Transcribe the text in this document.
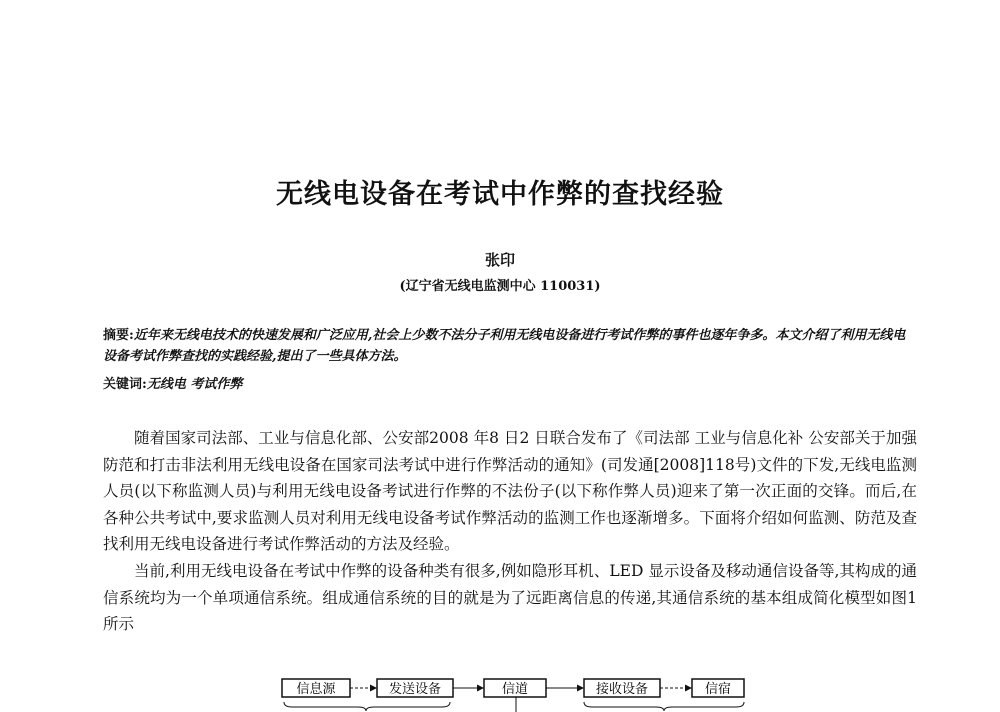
无线电设备在考试中作弊的查找经验
张印
(辽宁省无线电监测中心 110031)
摘要:近年来无线电技术的快速发展和广泛应用,社会上少数不法分子利用无线电设备进行考试作弊的事件也逐年争多。本文介绍了利用无线电设备考试作弊查找的实践经验,提出了一些具体方法。
关键词:无线电 考试作弊

随着国家司法部、工业与信息化部、公安部2008 年8 日2 日联合发布了《司法部 工业与信息化补 公安部关于加强防范和打击非法利用无线电设备在国家司法考试中进行作弊活动的通知》(司发通[2008]118号)文件的下发,无线电监测人员(以下称监测人员)与利用无线电设备考试进行作弊的不法份子(以下称作弊人员)迎来了第一次正面的交锋。而后,在各种公共考试中,要求监测人员对利用无线电设备考试作弊活动的监测工作也逐渐增多。下面将介绍如何监测、防范及查找利用无线电设备进行考试作弊活动的方法及经验。

当前,利用无线电设备在考试中作弊的设备种类有很多,例如隐形耳机、LED 显示设备及移动通信设备等,其构成的通信系统均为一个单项通信系统。组成通信系统的目的就是为了远距离信息的传递,其通信系统的基本组成简化模型如图1 所示

信息源	发送设备	信道	接收设备	信宿
